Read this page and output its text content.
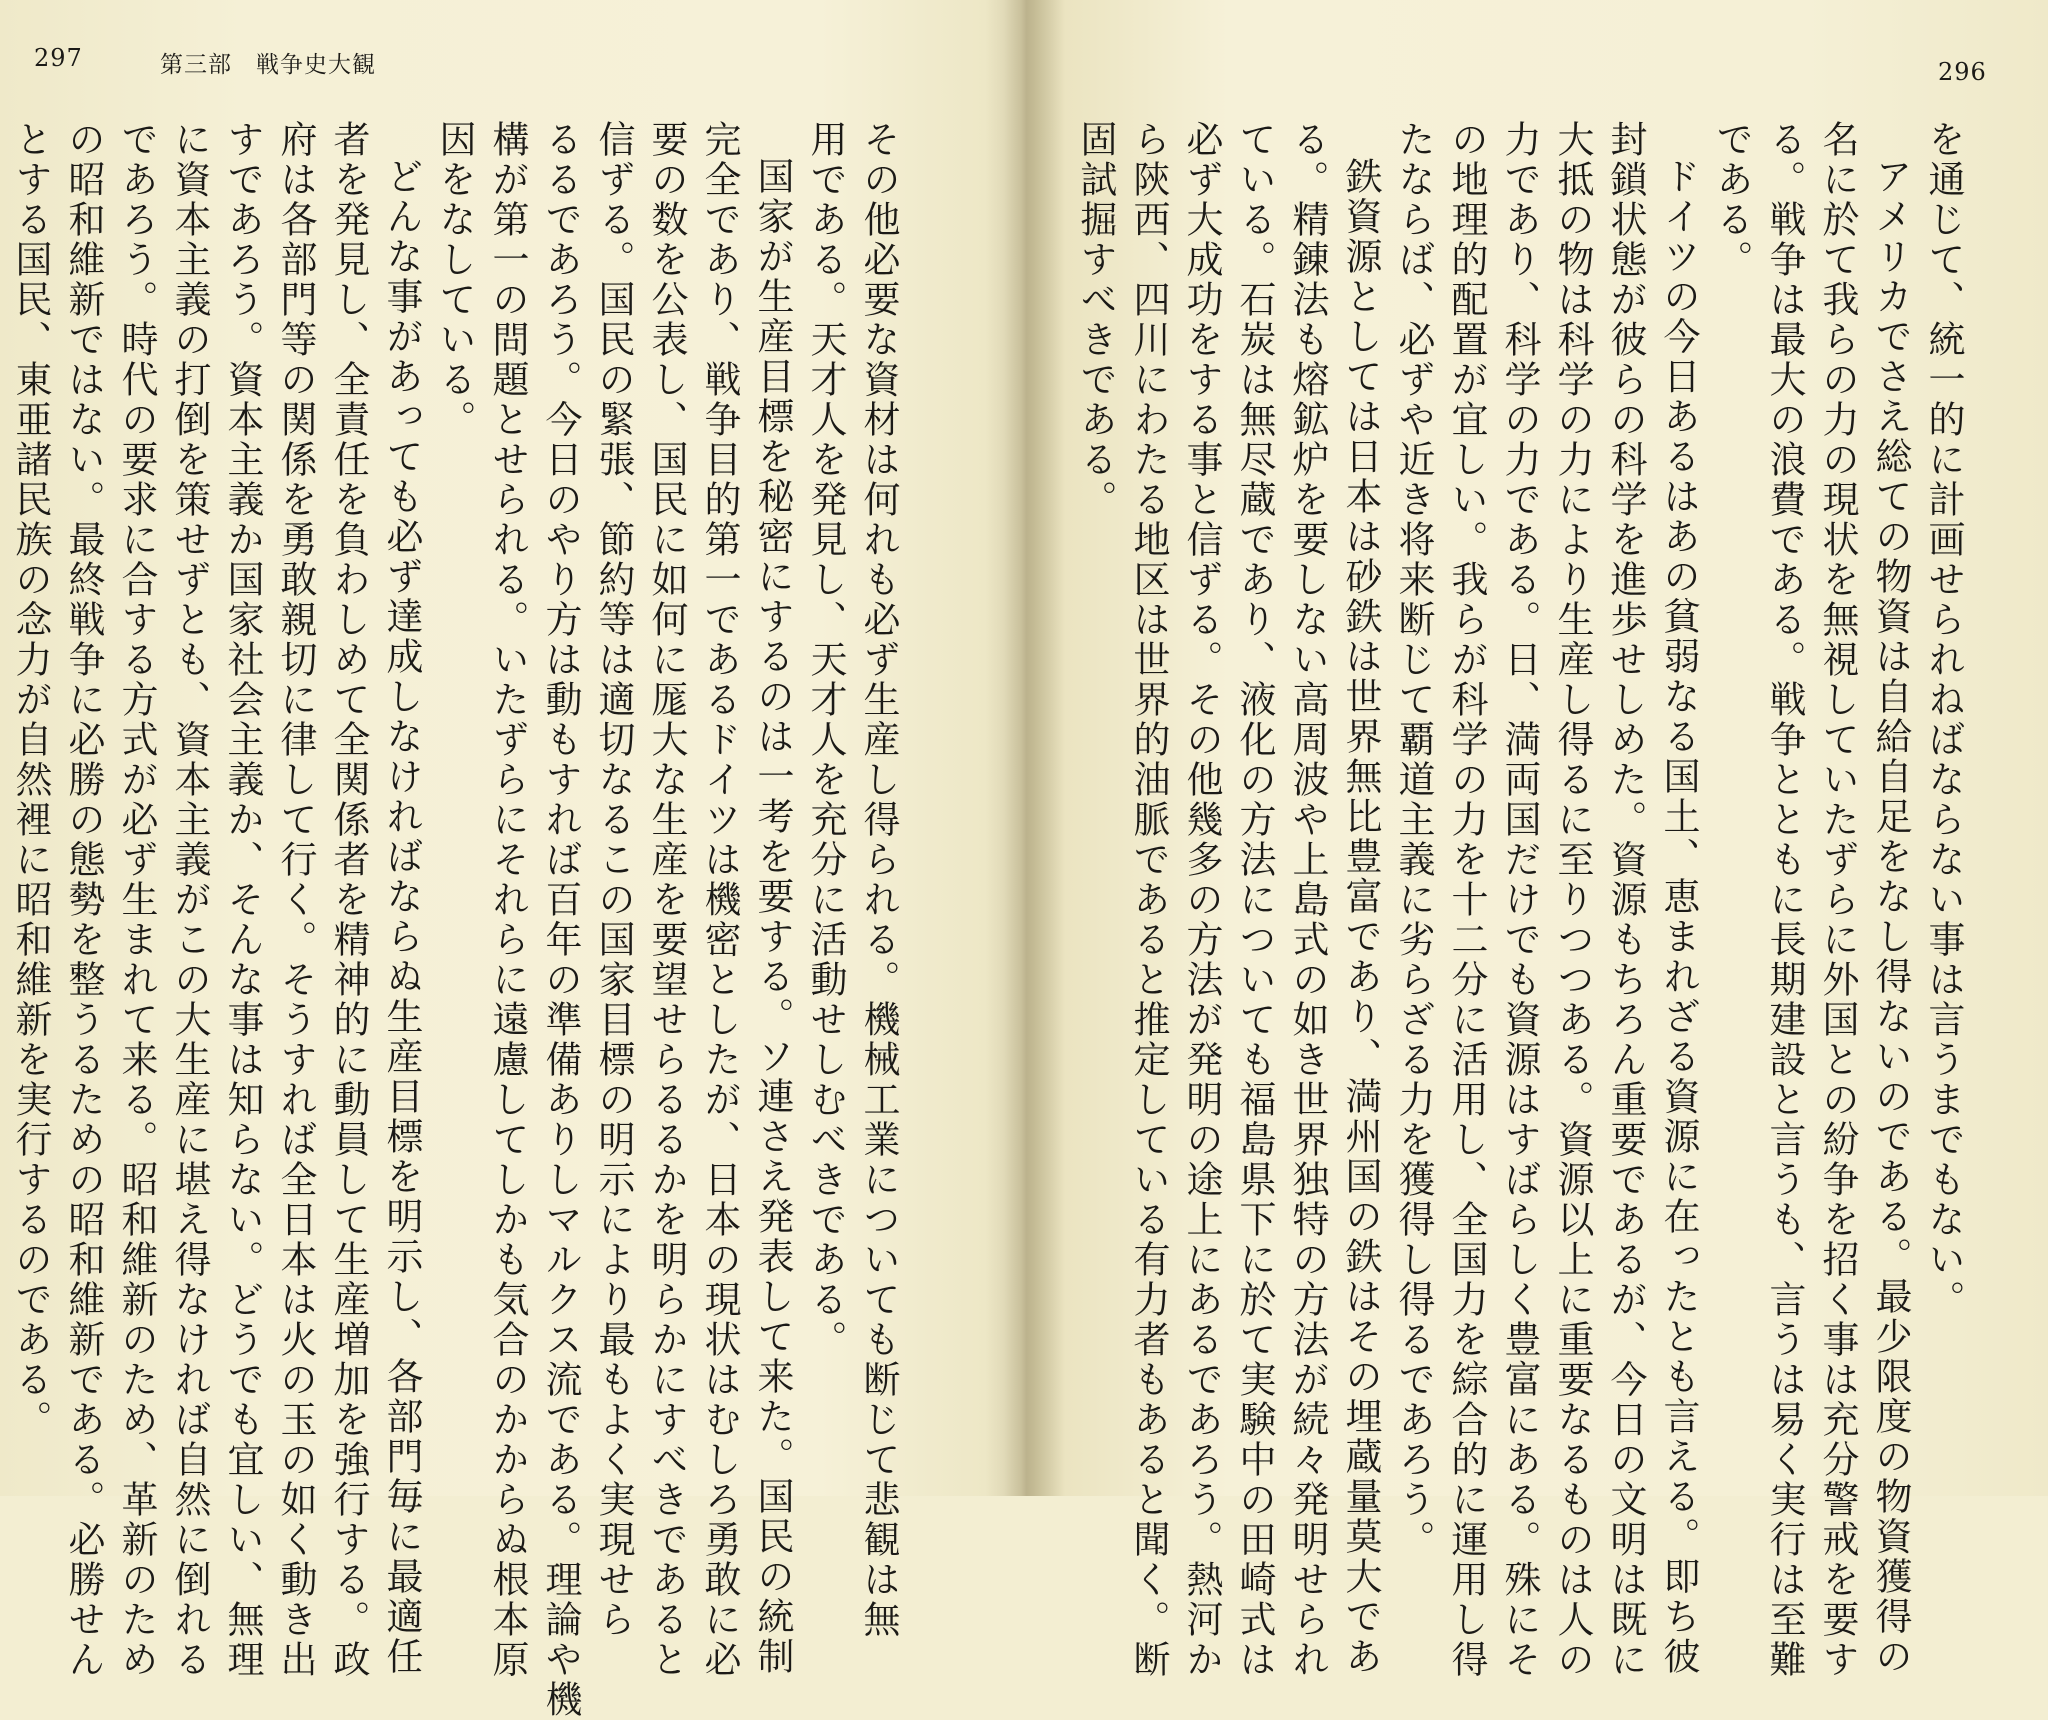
297	第三部　戦争史大観
その他必要な資材は何れも必ず生産し得られる。機械工業についても断じて悲観は無
用である。天才人を発見し、天才人を充分に活動せしむべきである。
国家が生産目標を秘密にするのは一考を要する。ソ連さえ発表して来た。国民の統制
完全であり、戦争目的第一であるドイツは機密としたが、日本の現状はむしろ勇敢に必
要の数を公表し、国民に如何に厖大な生産を要望せらるるかを明らかにすべきであると
信ずる。国民の緊張、節約等は適切なるこの国家目標の明示により最もよく実現せら
るるであろう。今日のやり方は動もすれば百年の準備ありしマルクス流である。理論や機
構が第一の問題とせられる。いたずらにそれらに遠慮してしかも気合のかからぬ根本原
因をなしている。
どんな事があっても必ず達成しなければならぬ生産目標を明示し、各部門毎に最適任
者を発見し、全責任を負わしめて全関係者を精神的に動員して生産増加を強行する。政
府は各部門等の関係を勇敢親切に律して行く。そうすれば全日本は火の玉の如く動き出
すであろう。資本主義か国家社会主義か、そんな事は知らない。どうでも宜しい、無理
に資本主義の打倒を策せずとも、資本主義がこの大生産に堪え得なければ自然に倒れる
であろう。時代の要求に合する方式が必ず生まれて来る。昭和維新のため、革新のため
の昭和維新ではない。最終戦争に必勝の態勢を整うるための昭和維新である。必勝せん
とする国民、東亜諸民族の念力が自然裡に昭和維新を実行するのである。
296
を通じて、統一的に計画せられねばならない事は言うまでもない。
アメリカでさえ総ての物資は自給自足をなし得ないのである。最少限度の物資獲得の
名に於て我らの力の現状を無視していたずらに外国との紛争を招く事は充分警戒を要す
る。戦争は最大の浪費である。戦争とともに長期建設と言うも、言うは易く実行は至難
である。
ドイツの今日あるはあの貧弱なる国土、恵まれざる資源に在ったとも言える。即ち彼
封鎖状態が彼らの科学を進歩せしめた。資源もちろん重要であるが、今日の文明は既に
大抵の物は科学の力により生産し得るに至りつつある。資源以上に重要なるものは人の
力であり、科学の力である。日、満両国だけでも資源はすばらしく豊富にある。殊にそ
の地理的配置が宜しい。我らが科学の力を十二分に活用し、全国力を綜合的に運用し得
たならば、必ずや近き将来断じて覇道主義に劣らざる力を獲得し得るであろう。
鉄資源としては日本は砂鉄は世界無比豊富であり、満州国の鉄はその埋蔵量莫大であ
る。精錬法も熔鉱炉を要しない高周波や上島式の如き世界独特の方法が続々発明せられ
ている。石炭は無尽蔵であり、液化の方法についても福島県下に於て実験中の田崎式は
必ず大成功をする事と信ずる。その他幾多の方法が発明の途上にあるであろう。熱河か
ら陝西、四川にわたる地区は世界的油脈であると推定している有力者もあると聞く。断
固試掘すべきである。
